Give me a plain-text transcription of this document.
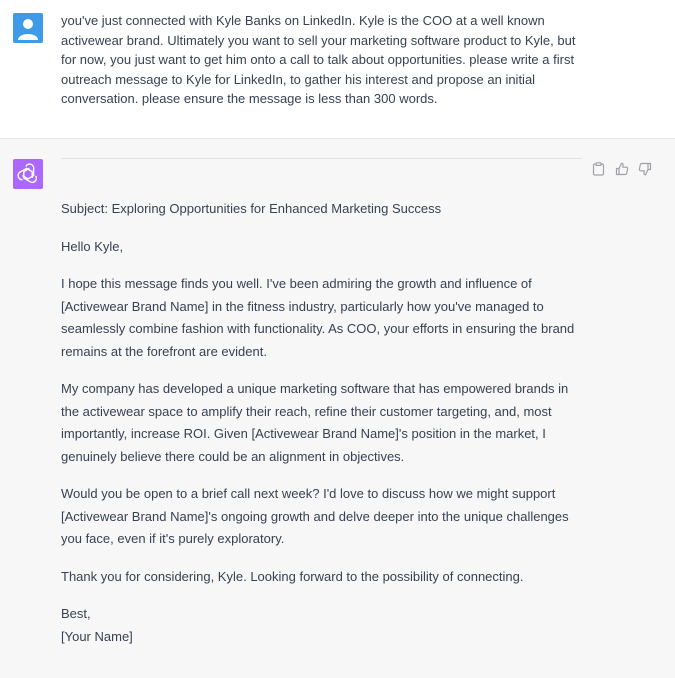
you've just connected with Kyle Banks on LinkedIn. Kyle is the COO at a well known activewear brand. Ultimately you want to sell your marketing software product to Kyle, but for now, you just want to get him onto a call to talk about opportunities. please write a first outreach message to Kyle for LinkedIn, to gather his interest and propose an initial conversation. please ensure the message is less than 300 words.

Subject: Exploring Opportunities for Enhanced Marketing Success

Hello Kyle,

I hope this message finds you well. I've been admiring the growth and influence of [Activewear Brand Name] in the fitness industry, particularly how you've managed to seamlessly combine fashion with functionality. As COO, your efforts in ensuring the brand remains at the forefront are evident.

My company has developed a unique marketing software that has empowered brands in the activewear space to amplify their reach, refine their customer targeting, and, most importantly, increase ROI. Given [Activewear Brand Name]'s position in the market, I genuinely believe there could be an alignment in objectives.

Would you be open to a brief call next week? I'd love to discuss how we might support [Activewear Brand Name]'s ongoing growth and delve deeper into the unique challenges you face, even if it's purely exploratory.

Thank you for considering, Kyle. Looking forward to the possibility of connecting.

Best,
[Your Name]
